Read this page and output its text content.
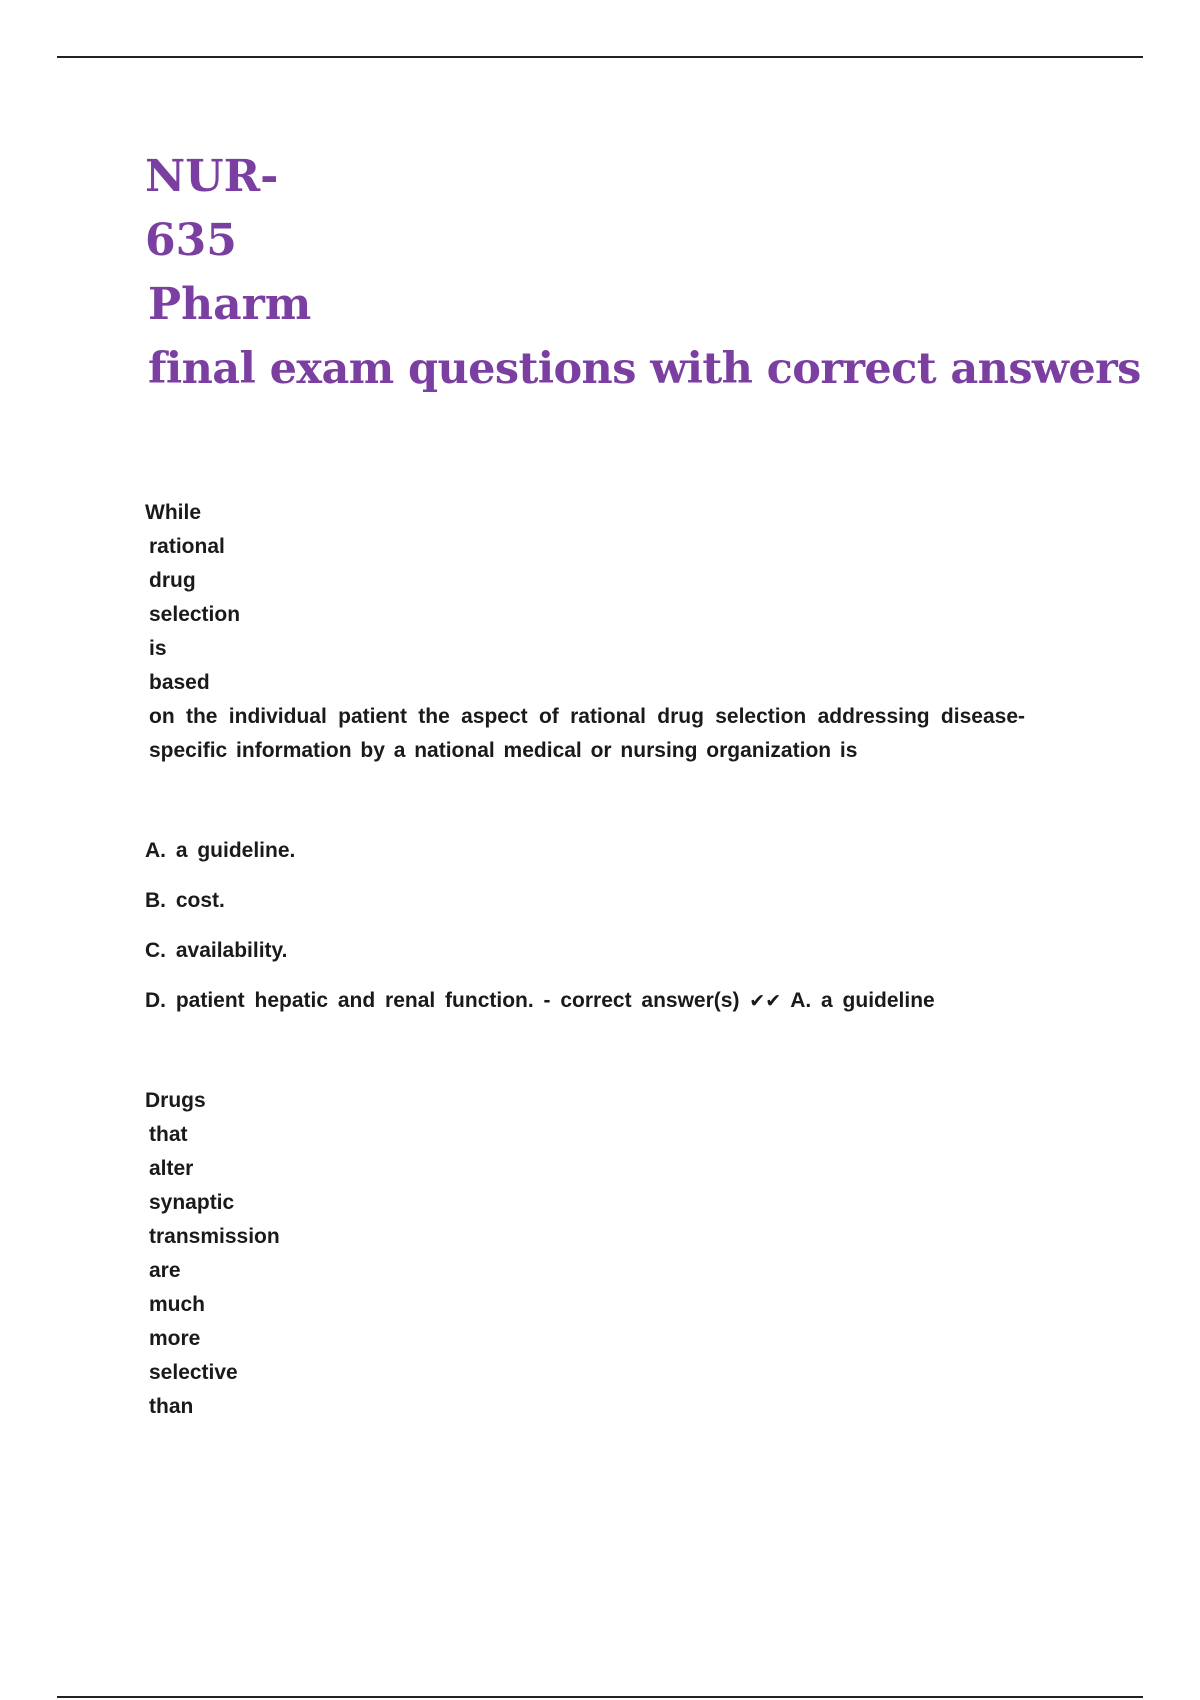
NUR-
635
Pharm
final exam questions with correct answers
While
rational
drug
selection
is
based
on the individual patient the aspect of rational drug selection addressing disease-specific information by a national medical or nursing organization is
A. a guideline.
B. cost.
C. availability.
D. patient hepatic and renal function. - correct answer(s) ✔✔ A. a guideline
Drugs
that
alter
synaptic
transmission
are
much
more
selective
than
